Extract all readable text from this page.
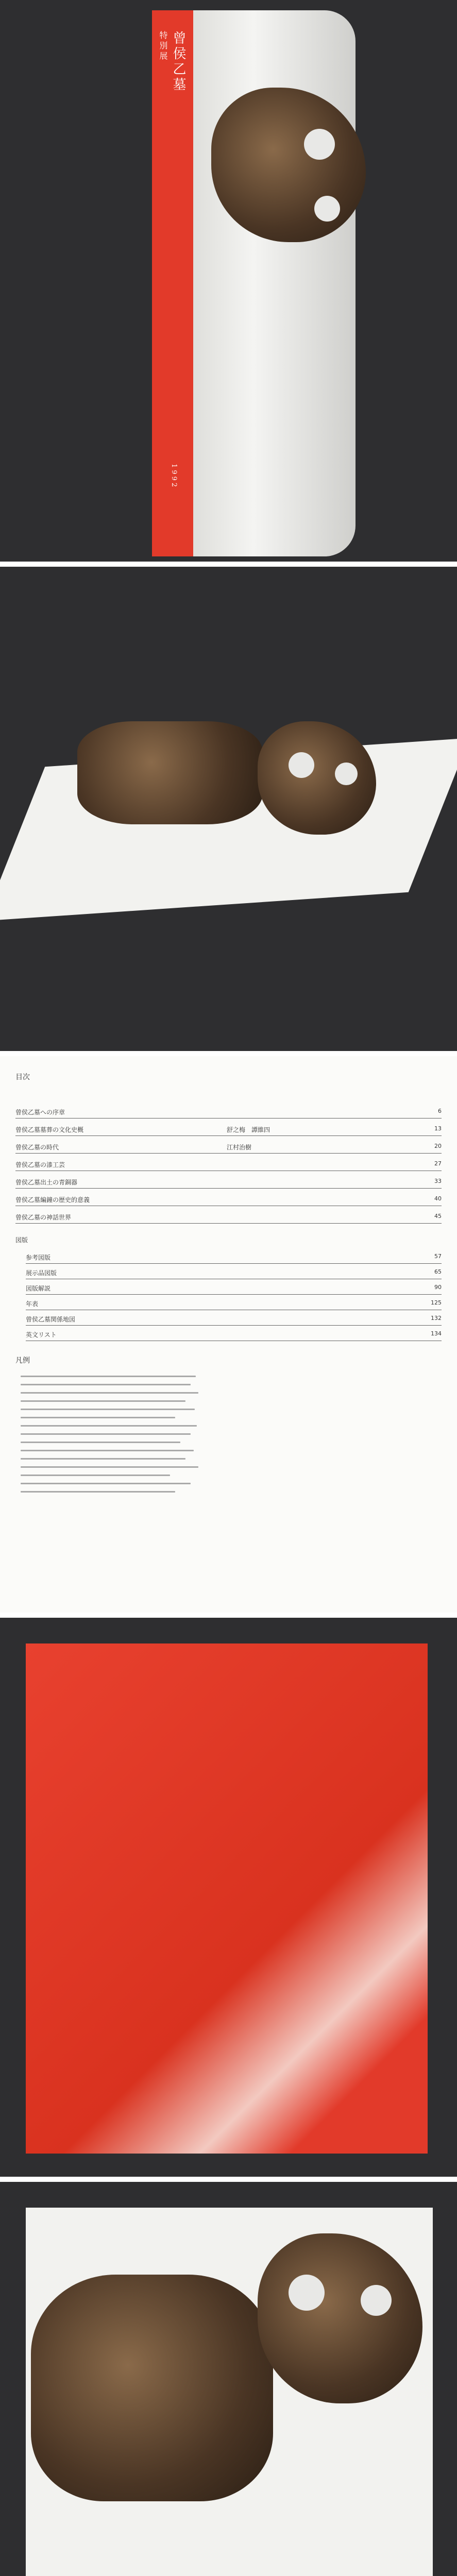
特別展 曾侯乙墓
1992
目次
曾侯乙墓への序章	6
曾侯乙墓墓葬の文化史概	舒之梅　譚維四	13
曾侯乙墓の時代	江村治樹	20
曾侯乙墓の漆工芸	27
曾侯乙墓出土の青銅器	33
曾侯乙墓編鐘の歴史的意義	40
曾侯乙墓の神話世界	45
図版
参考図版	57
展示品図版	65
図版解説	90
年表	125
曾侯乙墓関係地図	132
英文リスト	134
凡例
